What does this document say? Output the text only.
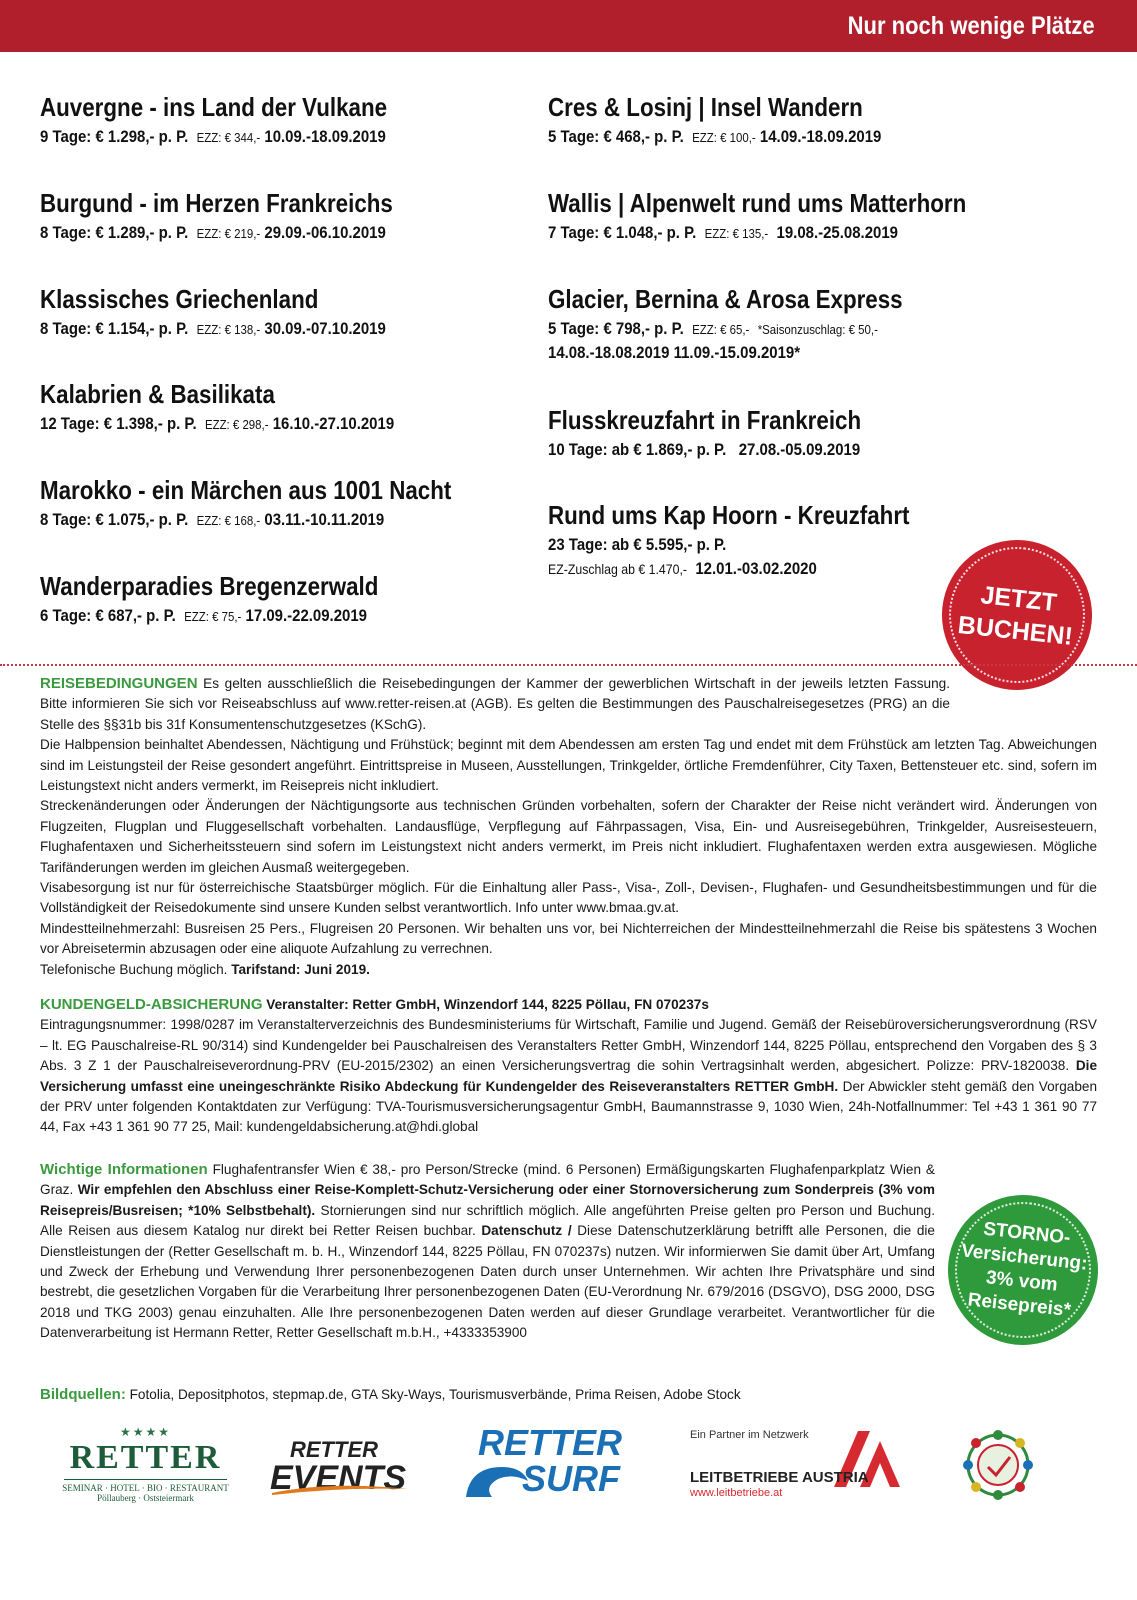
Nur noch wenige Plätze
Auvergne - ins Land der Vulkane
9 Tage: € 1.298,- p. P. EZZ: € 344,- 10.09.-18.09.2019
Burgund - im Herzen Frankreichs
8 Tage: € 1.289,- p. P. EZZ: € 219,- 29.09.-06.10.2019
Klassisches Griechenland
8 Tage: € 1.154,- p. P. EZZ: € 138,- 30.09.-07.10.2019
Kalabrien & Basilikata
12 Tage: € 1.398,- p. P. EZZ: € 298,- 16.10.-27.10.2019
Marokko - ein Märchen aus 1001 Nacht
8 Tage: € 1.075,- p. P. EZZ: € 168,- 03.11.-10.11.2019
Wanderparadies Bregenzerwald
6 Tage: € 687,- p. P. EZZ: € 75,- 17.09.-22.09.2019
Cres & Losinj | Insel Wandern
5 Tage: € 468,- p. P. EZZ: € 100,- 14.09.-18.09.2019
Wallis | Alpenwelt rund ums Matterhorn
7 Tage: € 1.048,- p. P. EZZ: € 135,- 19.08.-25.08.2019
Glacier, Bernina & Arosa Express
5 Tage: € 798,- p. P. EZZ: € 65,- *Saisonzuschlag: € 50,-
14.08.-18.08.2019 11.09.-15.09.2019*
Flusskreuzfahrt in Frankreich
10 Tage: ab € 1.869,- p. P. 27.08.-05.09.2019
Rund ums Kap Hoorn - Kreuzfahrt
23 Tage: ab € 5.595,- p. P.
EZ-Zuschlag ab € 1.470,- 12.01.-03.02.2020
JETZT
BUCHEN!
REISEBEDINGUNGEN Es gelten ausschließlich die Reisebedingungen der Kammer der gewerblichen Wirtschaft in der jeweils letzten Fassung. Bitte informieren Sie sich vor Reiseabschluss auf www.retter-reisen.at (AGB). Es gelten die Bestimmungen des Pauschalreisegesetzes (PRG) an die Stelle des §§31b bis 31f Konsumentenschutzgesetzes (KSchG).
Die Halbpension beinhaltet Abendessen, Nächtigung und Frühstück; beginnt mit dem Abendessen am ersten Tag und endet mit dem Frühstück am letzten Tag. Abweichungen sind im Leistungsteil der Reise gesondert angeführt. Eintrittspreise in Museen, Ausstellungen, Trinkgelder, örtliche Fremdenführer, City Taxen, Bettensteuer etc. sind, sofern im Leistungstext nicht anders vermerkt, im Reisepreis nicht inkludiert.
Streckenänderungen oder Änderungen der Nächtigungsorte aus technischen Gründen vorbehalten, sofern der Charakter der Reise nicht verändert wird. Änderungen von Flugzeiten, Flugplan und Fluggesellschaft vorbehalten. Landausflüge, Verpflegung auf Fährpassagen, Visa, Ein- und Ausreisegebühren, Trinkgelder, Ausreisesteuern, Flughafentaxen und Sicherheitssteuern sind sofern im Leistungstext nicht anders vermerkt, im Preis nicht inkludiert. Flughafentaxen werden extra ausgewiesen. Mögliche Tarifänderungen werden im gleichen Ausmaß weitergegeben.
Visabesorgung ist nur für österreichische Staatsbürger möglich. Für die Einhaltung aller Pass-, Visa-, Zoll-, Devisen-, Flughafen- und Gesundheitsbestimmungen und für die Vollständigkeit der Reisedokumente sind unsere Kunden selbst verantwortlich. Info unter www.bmaa.gv.at.
Mindestteilnehmerzahl: Busreisen 25 Pers., Flugreisen 20 Personen. Wir behalten uns vor, bei Nichterreichen der Mindestteilnehmerzahl die Reise bis spätestens 3 Wochen vor Abreisetermin abzusagen oder eine aliquote Aufzahlung zu verrechnen.
Telefonische Buchung möglich. Tarifstand: Juni 2019.
KUNDENGELD-ABSICHERUNG Veranstalter: Retter GmbH, Winzendorf 144, 8225 Pöllau, FN 070237s
Eintragungsnummer: 1998/0287 im Veranstalterverzeichnis des Bundesministeriums für Wirtschaft, Familie und Jugend. Gemäß der Reisebüroversicherungsverordnung (RSV – lt. EG Pauschalreise-RL 90/314) sind Kundengelder bei Pauschalreisen des Veranstalters Retter GmbH, Winzendorf 144, 8225 Pöllau, entsprechend den Vorgaben des § 3 Abs. 3 Z 1 der Pauschalreiseverordnung-PRV (EU-2015/2302) an einen Versicherungsvertrag die sohin Vertragsinhalt werden, abgesichert. Polizze: PRV-1820038. Die Versicherung umfasst eine uneingeschränkte Risiko Abdeckung für Kundengelder des Reiseveranstalters RETTER GmbH. Der Abwickler steht gemäß den Vorgaben der PRV unter folgenden Kontaktdaten zur Verfügung: TVA-Tourismusversicherungsagentur GmbH, Baumannstrasse 9, 1030 Wien, 24h-Notfallnummer: Tel +43 1 361 90 77 44, Fax +43 1 361 90 77 25, Mail: kundengeldabsicherung.at@hdi.global
Wichtige Informationen Flughafentransfer Wien € 38,- pro Person/Strecke (mind. 6 Personen) Ermäßigungskarten Flughafenparkplatz Wien & Graz. Wir empfehlen den Abschluss einer Reise-Komplett-Schutz-Versicherung oder einer Stornoversicherung zum Sonderpreis (3% vom Reisepreis/Busreisen; *10% Selbstbehalt). Stornierungen sind nur schriftlich möglich. Alle angeführten Preise gelten pro Person und Buchung. Alle Reisen aus diesem Katalog nur direkt bei Retter Reisen buchbar. Datenschutz / Diese Datenschutzerklärung betrifft alle Personen, die die Dienstleistungen der (Retter Gesellschaft m. b. H., Winzendorf 144, 8225 Pöllau, FN 070237s) nutzen. Wir informierwen Sie damit über Art, Umfang und Zweck der Erhebung und Verwendung Ihrer personenbezogenen Daten durch unser Unternehmen. Wir achten Ihre Privatsphäre und sind bestrebt, die gesetzlichen Vorgaben für die Verarbeitung Ihrer personenbezogenen Daten (EU-Verordnung Nr. 679/2016 (DSGVO), DSG 2000, DSG 2018 und TKG 2003) genau einzuhalten. Alle Ihre personenbezogenen Daten werden auf dieser Grundlage verarbeitet. Verantwortlicher für die Datenverarbeitung ist Hermann Retter, Retter Gesellschaft m.b.H., +4333353900
STORNO-
Versicherung:
3% vom
Reisepreis*
Bildquellen: Fotolia, Depositphotos, stepmap.de, GTA Sky-Ways, Tourismusverbände, Prima Reisen, Adobe Stock
★★★★
RETTER
SEMINAR · HOTEL · BIO · RESTAURANT
Pöllauberg · Oststeiermark
RETTER
EVENTS
RETTER
SURF
Ein Partner im Netzwerk
LEITBETRIEBE AUSTRIA
www.leitbetriebe.at
